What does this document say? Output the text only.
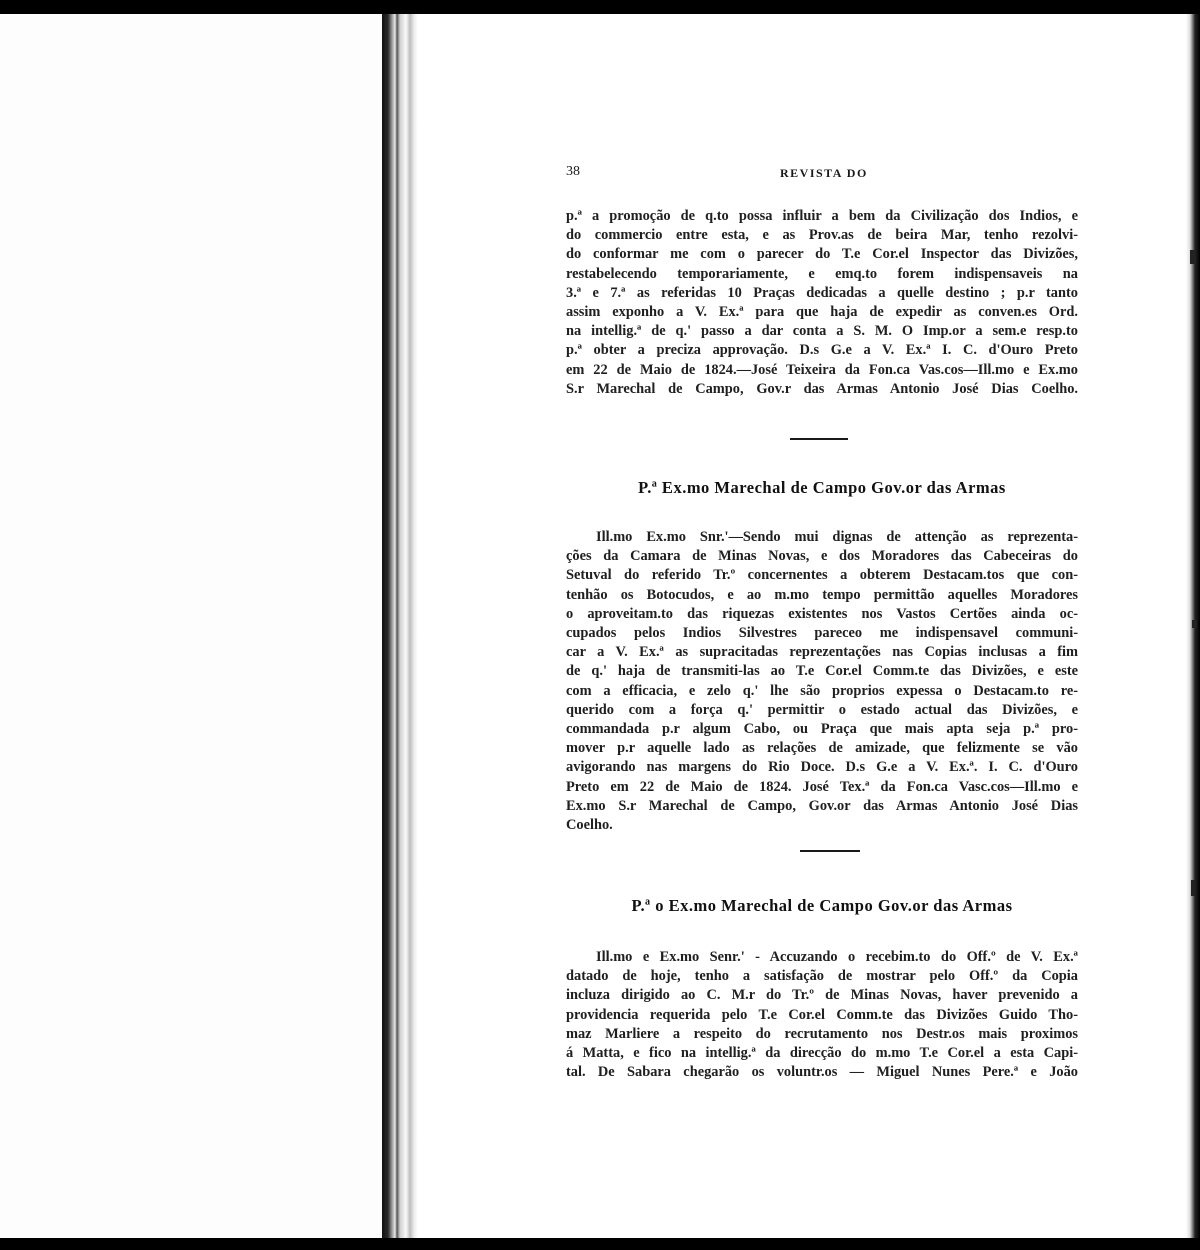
38	REVISTA DO
p.ª a promoção de q.to possa influir a bem da Civilização dos Indios, e
do commercio entre esta, e as Prov.as de beira Mar, tenho rezolvi-
do conformar me com o parecer do T.e Cor.el Inspector das Divizões,
restabelecendo temporariamente, e emq.to forem indispensaveis na
3.ª e 7.ª as referidas 10 Praças dedicadas a quelle destino ; p.r tanto
assim exponho a V. Ex.ª para que haja de expedir as conven.es Ord.
na intellig.ª de q.' passo a dar conta a S. M. O Imp.or a sem.e resp.to
p.ª obter a preciza approvação. D.s G.e a V. Ex.ª I. C. d'Ouro Preto
em 22 de Maio de 1824.—José Teixeira da Fon.ca Vas.cos—Ill.mo e Ex.mo
S.r Marechal de Campo, Gov.r das Armas Antonio José Dias Coelho.
P.ª Ex.mo Marechal de Campo Gov.or das Armas
Ill.mo Ex.mo Snr.'—Sendo mui dignas de attenção as reprezenta-
ções da Camara de Minas Novas, e dos Moradores das Cabeceiras do
Setuval do referido Tr.º concernentes a obterem Destacam.tos que con-
tenhão os Botocudos, e ao m.mo tempo permittão aquelles Moradores
o aproveitam.to das riquezas existentes nos Vastos Certões ainda oc-
cupados pelos Indios Silvestres pareceo me indispensavel communi-
car a V. Ex.ª as supracitadas reprezentações nas Copias inclusas a fim
de q.' haja de transmiti-las ao T.e Cor.el Comm.te das Divizões, e este
com a efficacia, e zelo q.' lhe são proprios expessa o Destacam.to re-
querido com a força q.' permittir o estado actual das Divizões, e
commandada p.r algum Cabo, ou Praça que mais apta seja p.ª pro-
mover p.r aquelle lado as relações de amizade, que felizmente se vão
avigorando nas margens do Rio Doce. D.s G.e a V. Ex.ª. I. C. d'Ouro
Preto em 22 de Maio de 1824. José Tex.ª da Fon.ca Vasc.cos—Ill.mo e
Ex.mo S.r Marechal de Campo, Gov.or das Armas Antonio José Dias
Coelho.
P.ª o Ex.mo Marechal de Campo Gov.or das Armas
Ill.mo e Ex.mo Senr.' - Accuzando o recebim.to do Off.º de V. Ex.ª
datado de hoje, tenho a satisfação de mostrar pelo Off.º da Copia
incluza dirigido ao C. M.r do Tr.º de Minas Novas, haver prevenido a
providencia requerida pelo T.e Cor.el Comm.te das Divizões Guido Tho-
maz Marliere a respeito do recrutamento nos Destr.os mais proximos
á Matta, e fico na intellig.ª da direcção do m.mo T.e Cor.el a esta Capi-
tal. De Sabara chegarão os voluntr.os — Miguel Nunes Pere.ª e João
